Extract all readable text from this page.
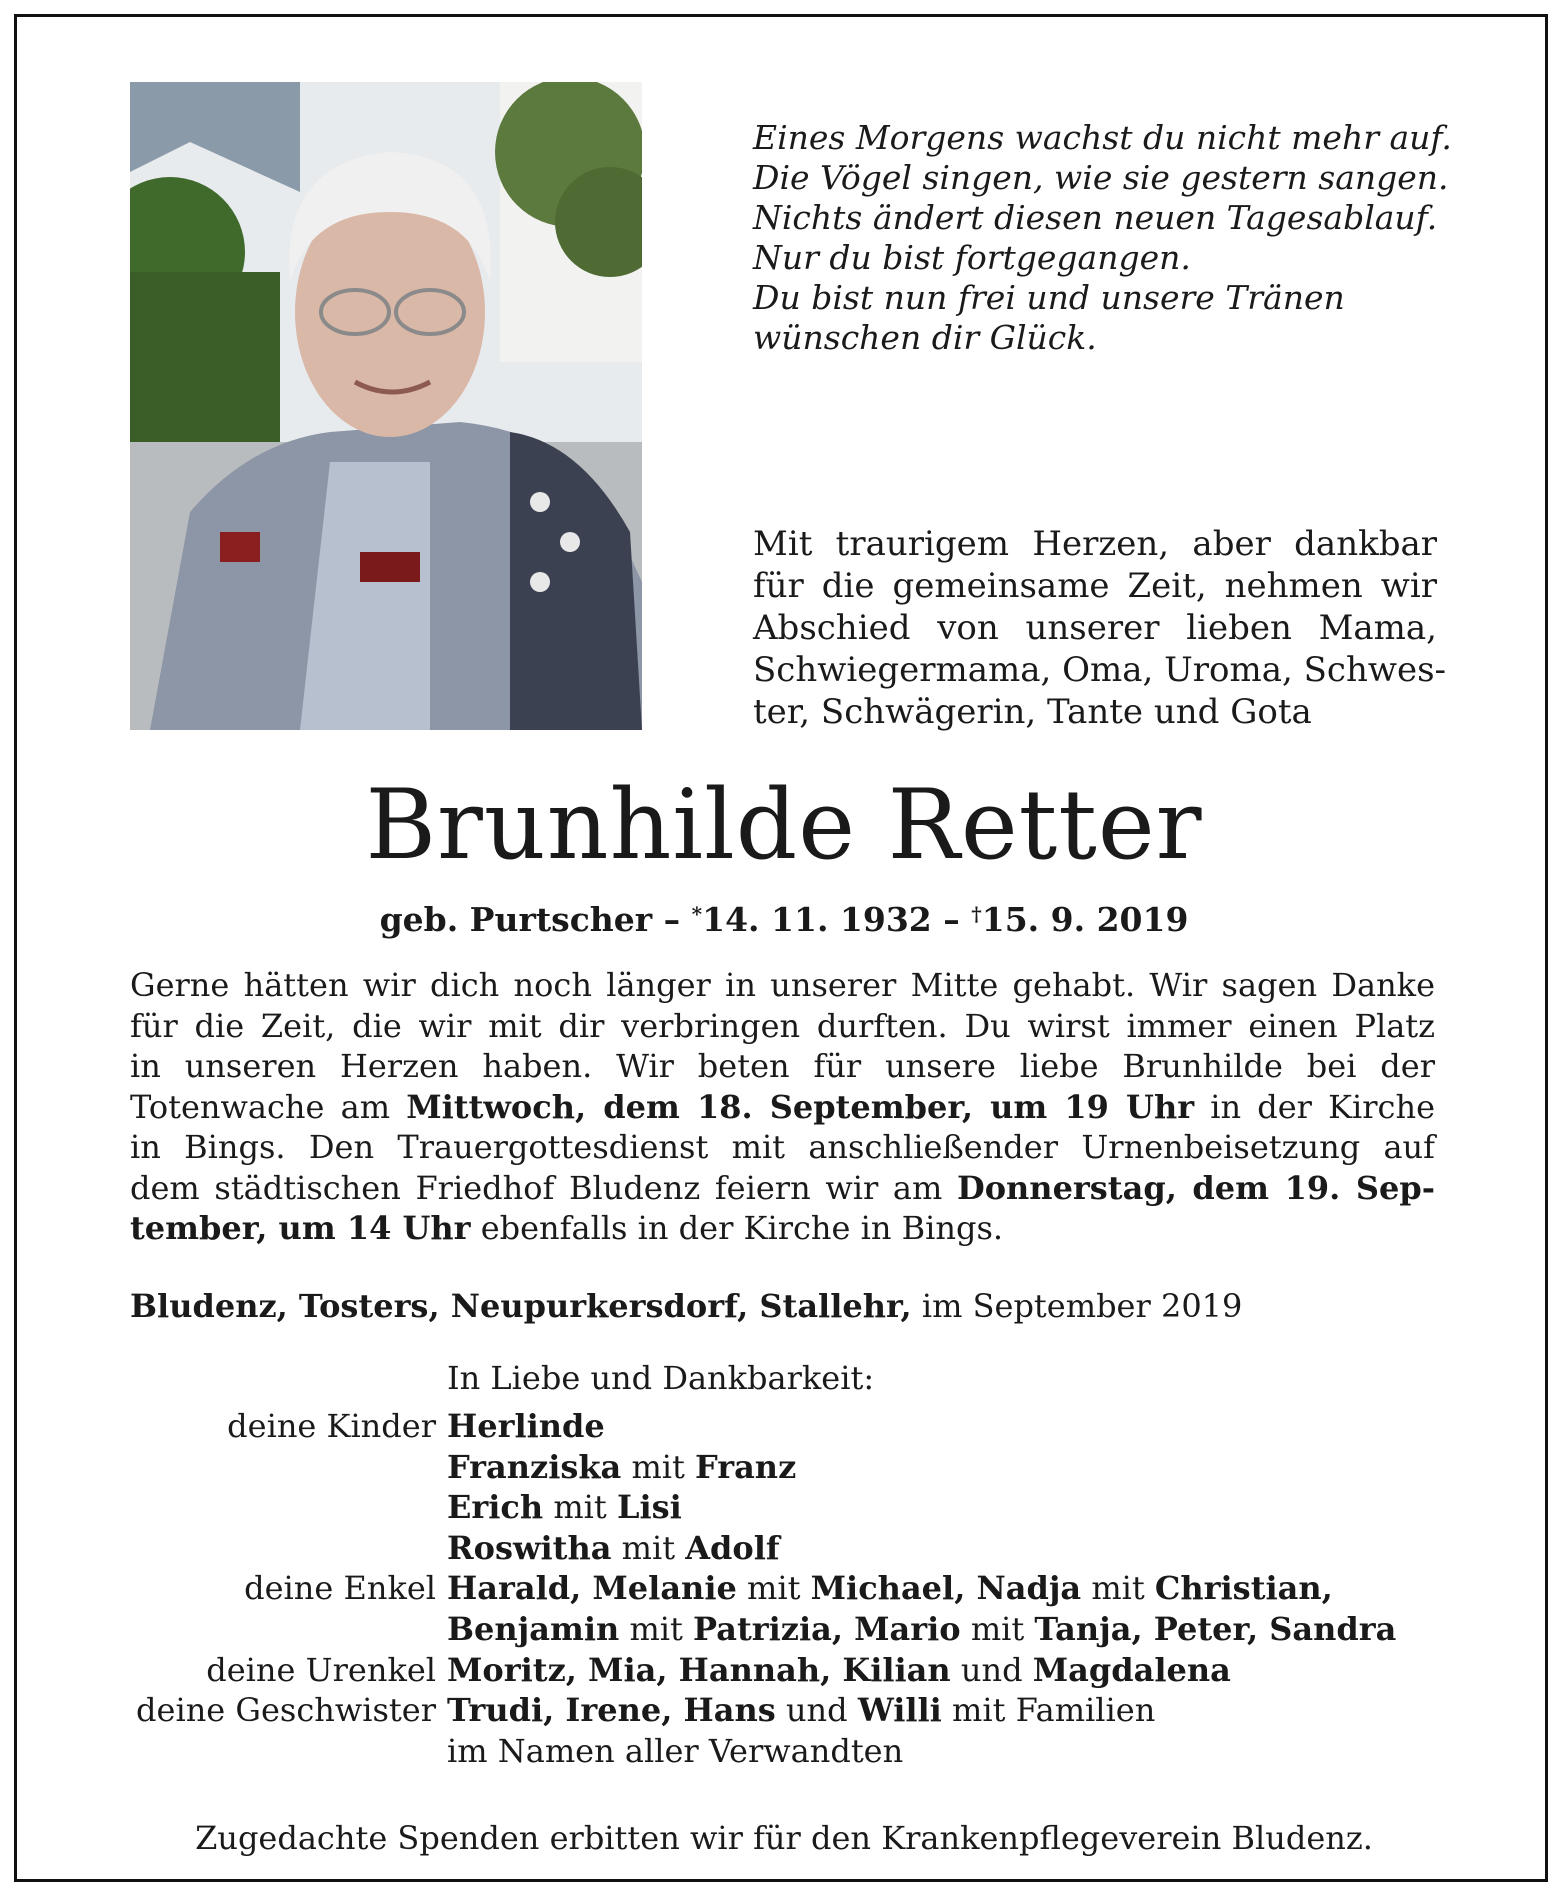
Eines Morgens wachst du nicht mehr auf.
Die Vögel singen, wie sie gestern sangen.
Nichts ändert diesen neuen Tagesablauf.
Nur du bist fortgegangen.
Du bist nun frei und unsere Tränen
wünschen dir Glück.
Mit traurigem Herzen, aber dankbar
für die gemeinsame Zeit, nehmen wir
Abschied von unserer lieben Mama,
Schwiegermama, Oma, Uroma, Schwes-
ter, Schwägerin, Tante und Gota
Brunhilde Retter
geb. Purtscher – *14. 11. 1932 – †15. 9. 2019
Gerne hätten wir dich noch länger in unserer Mitte gehabt. Wir sagen Danke
für die Zeit, die wir mit dir verbringen durften. Du wirst immer einen Platz
in unseren Herzen haben. Wir beten für unsere liebe Brunhilde bei der
Totenwache am Mittwoch, dem 18. September, um 19 Uhr in der Kirche
in Bings. Den Trauergottesdienst mit anschließender Urnenbeisetzung auf
dem städtischen Friedhof Bludenz feiern wir am Donnerstag, dem 19. Sep-
tember, um 14 Uhr ebenfalls in der Kirche in Bings.
Bludenz, Tosters, Neupurkersdorf, Stallehr, im September 2019
In Liebe und Dankbarkeit:
deine Kinder Herlinde
Franziska mit Franz
Erich mit Lisi
Roswitha mit Adolf
deine Enkel Harald, Melanie mit Michael, Nadja mit Christian,
Benjamin mit Patrizia, Mario mit Tanja, Peter, Sandra
deine Urenkel Moritz, Mia, Hannah, Kilian und Magdalena
deine Geschwister Trudi, Irene, Hans und Willi mit Familien
im Namen aller Verwandten
Zugedachte Spenden erbitten wir für den Krankenpflegeverein Bludenz.
